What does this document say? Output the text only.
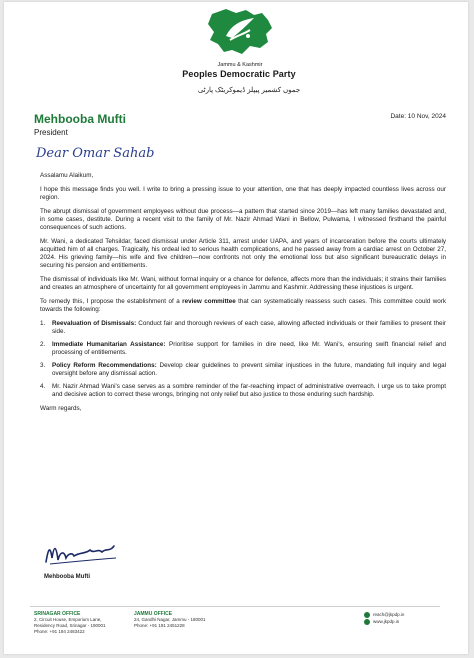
Jammu & Kashmir
Peoples Democratic Party
جموں کشمیر پیپلز ڈیموکریٹک پارٹی
Mehbooba Mufti
President
Date: 10 Nov, 2024
Dear Omar Sahab

Assalamu Alaikum,

I hope this message finds you well. I write to bring a pressing issue to your attention, one that has deeply impacted countless lives across our region.

The abrupt dismissal of government employees without due process—a pattern that started since 2019—has left many families devastated and, in some cases, destitute. During a recent visit to the family of Mr. Nazir Ahmad Wani in Bellow, Pulwama, I witnessed firsthand the painful consequences of such actions.

Mr. Wani, a dedicated Tehsildar, faced dismissal under Article 311, arrest under UAPA, and years of incarceration before the courts ultimately acquitted him of all charges. Tragically, his ordeal led to serious health complications, and he passed away from a cardiac arrest on October 27, 2024. His grieving family—his wife and five children—now confronts not only the emotional loss but also significant bureaucratic delays in securing his pension and entitlements.

The dismissal of individuals like Mr. Wani, without formal inquiry or a chance for defence, affects more than the individuals; it strains their families and creates an atmosphere of uncertainty for all government employees in Jammu and Kashmir. Addressing these injustices is urgent.

To remedy this, I propose the establishment of a review committee that can systematically reassess such cases. This committee could work towards the following:

1.	Reevaluation of Dismissals: Conduct fair and thorough reviews of each case, allowing affected individuals or their families to present their side.
2.	Immediate Humanitarian Assistance: Prioritise support for families in dire need, like Mr. Wani's, ensuring swift financial relief and processing of entitlements.
3.	Policy Reform Recommendations: Develop clear guidelines to prevent similar injustices in the future, mandating full inquiry and legal oversight before any dismissal action.
4.	Mr. Nazir Ahmad Wani's case serves as a sombre reminder of the far-reaching impact of administrative overreach. I urge us to take prompt and decisive action to correct these wrongs, bringing not only relief but also justice to those enduring such hardship.

Warm regards,

Mehbooba Mufti
SRINAGAR OFFICE
2, Circuit House, Emporium Lane,
Residency Road, Srinagar - 190001
Phone: +91 194 2483422
JAMMU OFFICE
24, Gandhi Nagar, Jammu - 180001
Phone: +91 191 2451228
reach@jkpdp.in
www.jkpdp.in
